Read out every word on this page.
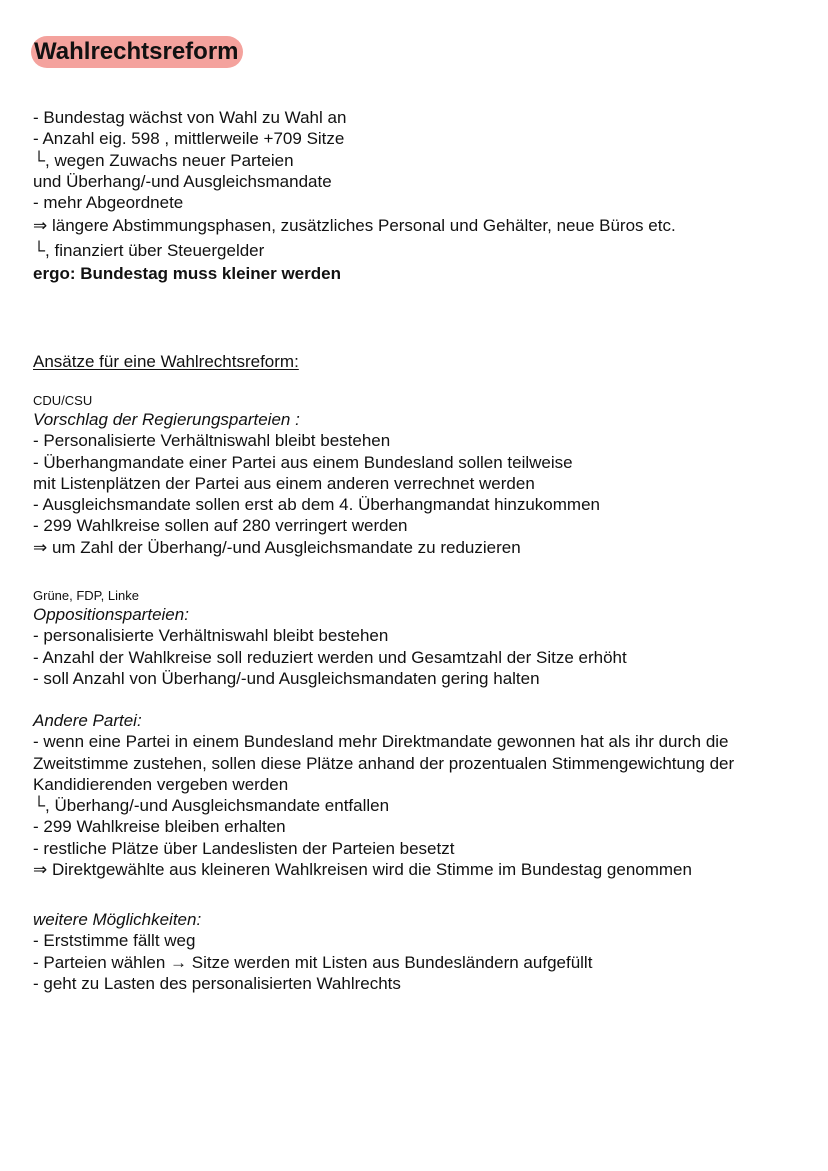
Wahlrechtsreform
- Bundestag wächst von Wahl zu Wahl an
- Anzahl eig. 598 , mittlerweile +709 Sitze
└, wegen Zuwachs neuer Parteien
und Überhang/-und Ausgleichsmandate
- mehr Abgeordnete
⇒ längere Abstimmungsphasen, zusätzliches Personal und Gehälter, neue Büros etc.
└, finanziert über Steuergelder
ergo: Bundestag muss kleiner werden
Ansätze für eine Wahlrechtsreform:
CDU/CSU
Vorschlag der Regierungsparteien :
- Personalisierte Verhältniswahl bleibt bestehen
- Überhangmandate einer Partei aus einem Bundesland sollen teilweise
mit Listenplätzen der Partei aus einem anderen verrechnet werden
- Ausgleichsmandate sollen erst ab dem 4. Überhangmandat hinzukommen
- 299 Wahlkreise sollen auf 280 verringert werden
⇒ um Zahl der Überhang/-und Ausgleichsmandate zu reduzieren
Grüne, FDP, Linke
Oppositionsparteien:
- personalisierte Verhältniswahl bleibt bestehen
- Anzahl der Wahlkreise soll reduziert werden und Gesamtzahl der Sitze erhöht
- soll Anzahl von Überhang/-und Ausgleichsmandaten gering halten
Andere Partei:
- wenn eine Partei in einem Bundesland mehr Direktmandate gewonnen hat als ihr durch die
Zweitstimme zustehen, sollen diese Plätze anhand der prozentualen Stimmengewichtung der
Kandidierenden vergeben werden
└, Überhang/-und Ausgleichsmandate entfallen
- 299 Wahlkreise bleiben erhalten
- restliche Plätze über Landeslisten der Parteien besetzt
⇒ Direktgewählte aus kleineren Wahlkreisen wird die Stimme im Bundestag genommen
weitere Möglichkeiten:
- Erststimme fällt weg
- Parteien wählen → Sitze werden mit Listen aus Bundesländern aufgefüllt
- geht zu Lasten des personalisierten Wahlrechts
